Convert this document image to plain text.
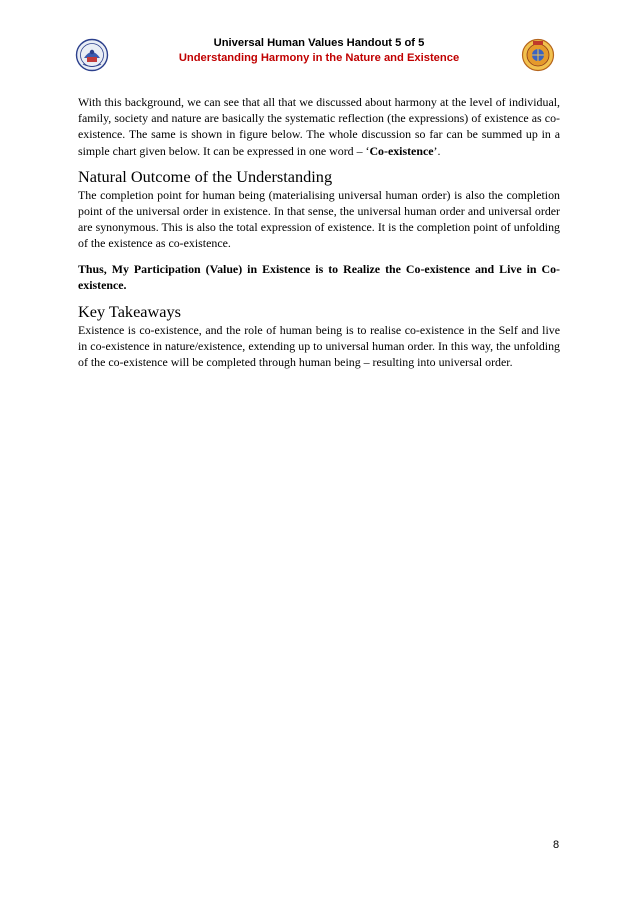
Universal Human Values Handout 5 of 5
Understanding Harmony in the Nature and Existence

With this background, we can see that all that we discussed about harmony at the level of individual, family, society and nature are basically the systematic reflection (the expressions) of existence as co-existence. The same is shown in figure below. The whole discussion so far can be summed up in a simple chart given below. It can be expressed in one word – ‘Co-existence’.

Natural Outcome of the Understanding

The completion point for human being (materialising universal human order) is also the completion point of the universal order in existence. In that sense, the universal human order and universal order are synonymous. This is also the total expression of existence. It is the completion point of unfolding of the existence as co-existence.

Thus, My Participation (Value) in Existence is to Realize the Co-existence and Live in Co-existence.

Key Takeaways

Existence is co-existence, and the role of human being is to realise co-existence in the Self and live in co-existence in nature/existence, extending up to universal human order. In this way, the unfolding of the co-existence will be completed through human being – resulting into universal order.

8
